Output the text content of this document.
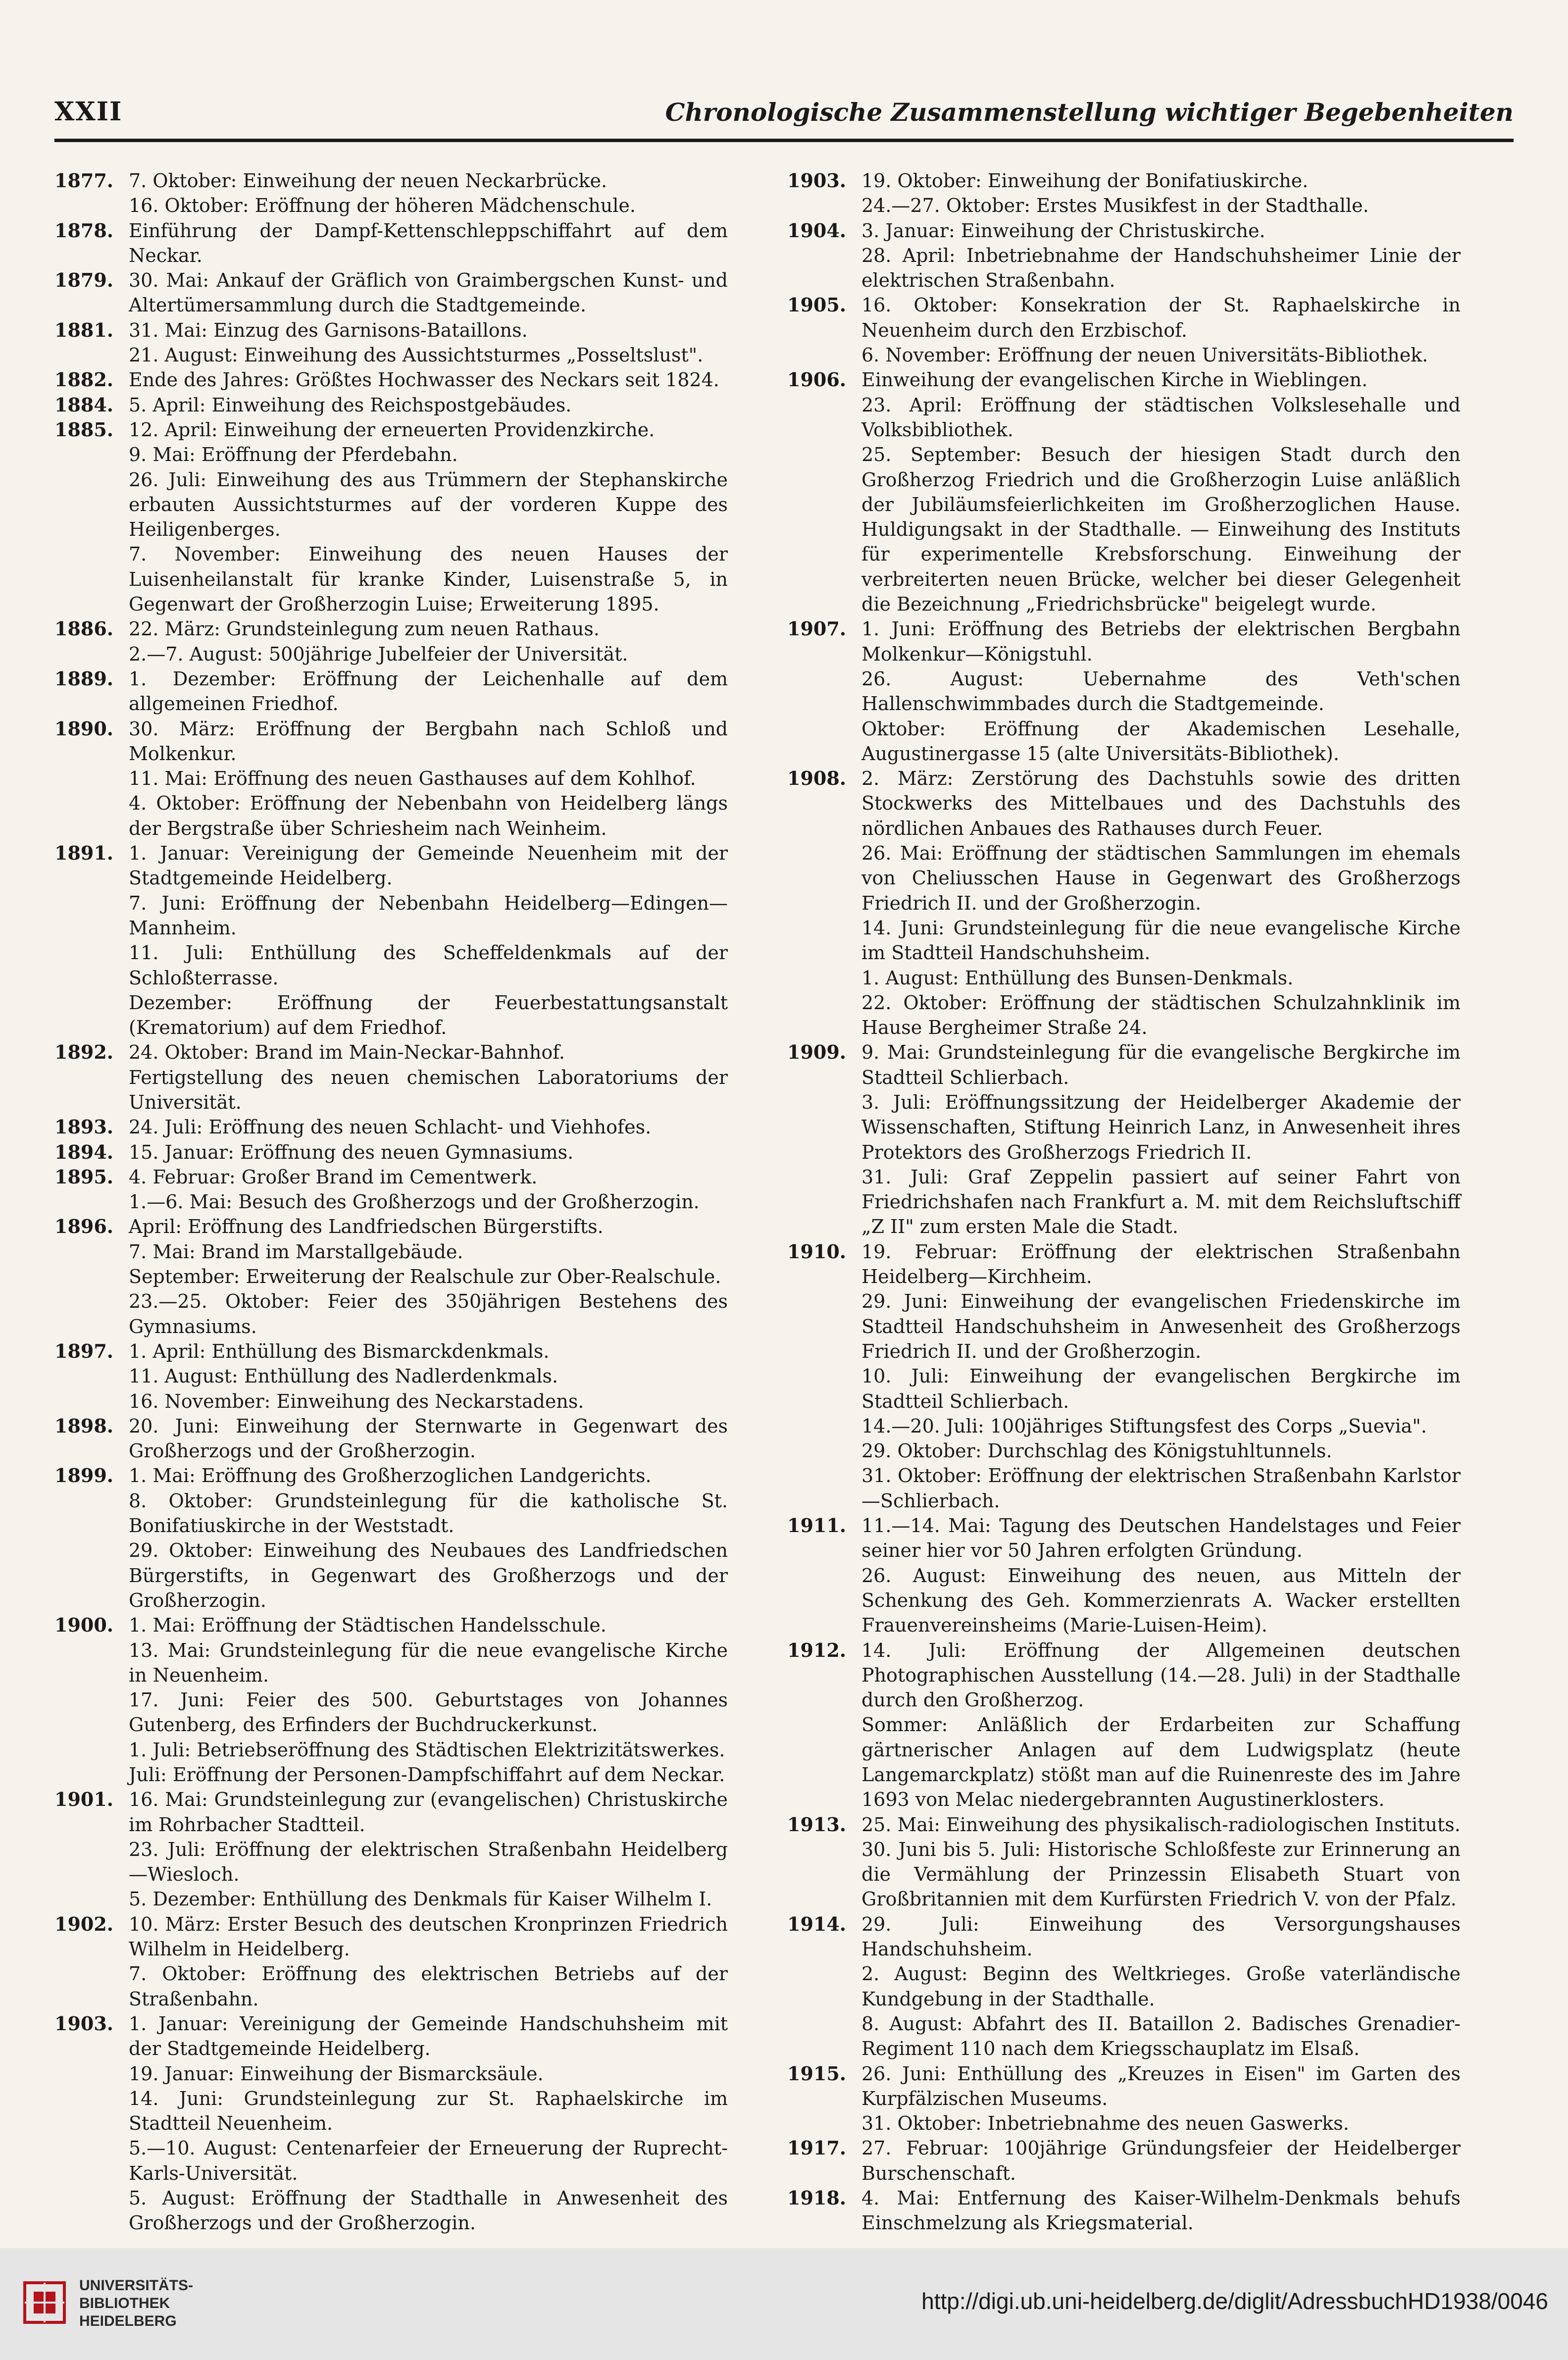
XXII	Chronologische Zusammenstellung wichtiger Begebenheiten
1877. 7. Oktober: Einweihung der neuen Neckarbrücke.
16. Oktober: Eröffnung der höheren Mädchenschule.
1878. Einführung der Dampf-Kettenschleppschiffahrt auf dem Neckar.
1879. 30. Mai: Ankauf der Gräflich von Graimbergschen Kunst- und Altertümersammlung durch die Stadtgemeinde.
1881. 31. Mai: Einzug des Garnisons-Bataillons.
21. August: Einweihung des Aussichtsturmes „Posseltslust".
1882. Ende des Jahres: Größtes Hochwasser des Neckars seit 1824.
1884. 5. April: Einweihung des Reichspostgebäudes.
1885. 12. April: Einweihung der erneuerten Providenzkirche.
9. Mai: Eröffnung der Pferdebahn.
26. Juli: Einweihung des aus Trümmern der Stephanskirche erbauten Aussichtsturmes auf der vorderen Kuppe des Heiligenberges.
7. November: Einweihung des neuen Hauses der Luisenheilanstalt für kranke Kinder, Luisenstraße 5, in Gegenwart der Großherzogin Luise; Erweiterung 1895.
1886. 22. März: Grundsteinlegung zum neuen Rathaus.
2.—7. August: 500jährige Jubelfeier der Universität.
1889. 1. Dezember: Eröffnung der Leichenhalle auf dem allgemeinen Friedhof.
1890. 30. März: Eröffnung der Bergbahn nach Schloß und Molkenkur.
11. Mai: Eröffnung des neuen Gasthauses auf dem Kohlhof.
4. Oktober: Eröffnung der Nebenbahn von Heidelberg längs der Bergstraße über Schriesheim nach Weinheim.
1891. 1. Januar: Vereinigung der Gemeinde Neuenheim mit der Stadtgemeinde Heidelberg.
7. Juni: Eröffnung der Nebenbahn Heidelberg—Edingen—Mannheim.
11. Juli: Enthüllung des Scheffeldenkmals auf der Schloßterrasse.
Dezember: Eröffnung der Feuerbestattungsanstalt (Krematorium) auf dem Friedhof.
1892. 24. Oktober: Brand im Main-Neckar-Bahnhof.
Fertigstellung des neuen chemischen Laboratoriums der Universität.
1893. 24. Juli: Eröffnung des neuen Schlacht- und Viehhofes.
1894. 15. Januar: Eröffnung des neuen Gymnasiums.
1895. 4. Februar: Großer Brand im Cementwerk.
1.—6. Mai: Besuch des Großherzogs und der Großherzogin.
1896. April: Eröffnung des Landfriedschen Bürgerstifts.
7. Mai: Brand im Marstallgebäude.
September: Erweiterung der Realschule zur Ober-Realschule.
23.—25. Oktober: Feier des 350jährigen Bestehens des Gymnasiums.
1897. 1. April: Enthüllung des Bismarckdenkmals.
11. August: Enthüllung des Nadlerdenkmals.
16. November: Einweihung des Neckarstadens.
1898. 20. Juni: Einweihung der Sternwarte in Gegenwart des Großherzogs und der Großherzogin.
1899. 1. Mai: Eröffnung des Großherzoglichen Landgerichts.
8. Oktober: Grundsteinlegung für die katholische St. Bonifatiuskirche in der Weststadt.
29. Oktober: Einweihung des Neubaues des Landfriedschen Bürgerstifts, in Gegenwart des Großherzogs und der Großherzogin.
1900. 1. Mai: Eröffnung der Städtischen Handelsschule.
13. Mai: Grundsteinlegung für die neue evangelische Kirche in Neuenheim.
17. Juni: Feier des 500. Geburtstages von Johannes Gutenberg, des Erfinders der Buchdruckerkunst.
1. Juli: Betriebseröffnung des Städtischen Elektrizitätswerkes.
Juli: Eröffnung der Personen-Dampfschiffahrt auf dem Neckar.
1901. 16. Mai: Grundsteinlegung zur (evangelischen) Christuskirche im Rohrbacher Stadtteil.
23. Juli: Eröffnung der elektrischen Straßenbahn Heidelberg—Wiesloch.
5. Dezember: Enthüllung des Denkmals für Kaiser Wilhelm I.
1902. 10. März: Erster Besuch des deutschen Kronprinzen Friedrich Wilhelm in Heidelberg.
7. Oktober: Eröffnung des elektrischen Betriebs auf der Straßenbahn.
1903. 1. Januar: Vereinigung der Gemeinde Handschuhsheim mit der Stadtgemeinde Heidelberg.
19. Januar: Einweihung der Bismarcksäule.
14. Juni: Grundsteinlegung zur St. Raphaelskirche im Stadtteil Neuenheim.
5.—10. August: Centenarfeier der Erneuerung der Ruprecht-Karls-Universität.
5. August: Eröffnung der Stadthalle in Anwesenheit des Großherzogs und der Großherzogin.
1903. 19. Oktober: Einweihung der Bonifatiuskirche.
24.—27. Oktober: Erstes Musikfest in der Stadthalle.
1904. 3. Januar: Einweihung der Christuskirche.
28. April: Inbetriebnahme der Handschuhsheimer Linie der elektrischen Straßenbahn.
1905. 16. Oktober: Konsekration der St. Raphaelskirche in Neuenheim durch den Erzbischof.
6. November: Eröffnung der neuen Universitäts-Bibliothek.
1906. Einweihung der evangelischen Kirche in Wieblingen.
23. April: Eröffnung der städtischen Volkslesehalle und Volksbibliothek.
25. September: Besuch der hiesigen Stadt durch den Großherzog Friedrich und die Großherzogin Luise anläßlich der Jubiläumsfeierlichkeiten im Großherzoglichen Hause. Huldigungsakt in der Stadthalle. — Einweihung des Instituts für experimentelle Krebsforschung. Einweihung der verbreiterten neuen Brücke, welcher bei dieser Gelegenheit die Bezeichnung „Friedrichsbrücke" beigelegt wurde.
1907. 1. Juni: Eröffnung des Betriebs der elektrischen Bergbahn Molkenkur—Königstuhl.
26. August: Uebernahme des Veth'schen Hallenschwimmbades durch die Stadtgemeinde.
Oktober: Eröffnung der Akademischen Lesehalle, Augustinergasse 15 (alte Universitäts-Bibliothek).
1908. 2. März: Zerstörung des Dachstuhls sowie des dritten Stockwerks des Mittelbaues und des Dachstuhls des nördlichen Anbaues des Rathauses durch Feuer.
26. Mai: Eröffnung der städtischen Sammlungen im ehemals von Cheliusschen Hause in Gegenwart des Großherzogs Friedrich II. und der Großherzogin.
14. Juni: Grundsteinlegung für die neue evangelische Kirche im Stadtteil Handschuhsheim.
1. August: Enthüllung des Bunsen-Denkmals.
22. Oktober: Eröffnung der städtischen Schulzahnklinik im Hause Bergheimer Straße 24.
1909. 9. Mai: Grundsteinlegung für die evangelische Bergkirche im Stadtteil Schlierbach.
3. Juli: Eröffnungssitzung der Heidelberger Akademie der Wissenschaften, Stiftung Heinrich Lanz, in Anwesenheit ihres Protektors des Großherzogs Friedrich II.
31. Juli: Graf Zeppelin passiert auf seiner Fahrt von Friedrichshafen nach Frankfurt a. M. mit dem Reichsluftschiff „Z II" zum ersten Male die Stadt.
1910. 19. Februar: Eröffnung der elektrischen Straßenbahn Heidelberg—Kirchheim.
29. Juni: Einweihung der evangelischen Friedenskirche im Stadtteil Handschuhsheim in Anwesenheit des Großherzogs Friedrich II. und der Großherzogin.
10. Juli: Einweihung der evangelischen Bergkirche im Stadtteil Schlierbach.
14.—20. Juli: 100jähriges Stiftungsfest des Corps „Suevia".
29. Oktober: Durchschlag des Königstuhltunnels.
31. Oktober: Eröffnung der elektrischen Straßenbahn Karlstor—Schlierbach.
1911. 11.—14. Mai: Tagung des Deutschen Handelstages und Feier seiner hier vor 50 Jahren erfolgten Gründung.
26. August: Einweihung des neuen, aus Mitteln der Schenkung des Geh. Kommerzienrats A. Wacker erstellten Frauenvereinsheims (Marie-Luisen-Heim).
1912. 14. Juli: Eröffnung der Allgemeinen deutschen Photographischen Ausstellung (14.—28. Juli) in der Stadthalle durch den Großherzog.
Sommer: Anläßlich der Erdarbeiten zur Schaffung gärtnerischer Anlagen auf dem Ludwigsplatz (heute Langemarckplatz) stößt man auf die Ruinenreste des im Jahre 1693 von Melac niedergebrannten Augustinerklosters.
1913. 25. Mai: Einweihung des physikalisch-radiologischen Instituts.
30. Juni bis 5. Juli: Historische Schloßfeste zur Erinnerung an die Vermählung der Prinzessin Elisabeth Stuart von Großbritannien mit dem Kurfürsten Friedrich V. von der Pfalz.
1914. 29. Juli: Einweihung des Versorgungshauses Handschuhsheim.
2. August: Beginn des Weltkrieges. Große vaterländische Kundgebung in der Stadthalle.
8. August: Abfahrt des II. Bataillon 2. Badisches Grenadier-Regiment 110 nach dem Kriegsschauplatz im Elsaß.
1915. 26. Juni: Enthüllung des „Kreuzes in Eisen" im Garten des Kurpfälzischen Museums.
31. Oktober: Inbetriebnahme des neuen Gaswerks.
1917. 27. Februar: 100jährige Gründungsfeier der Heidelberger Burschenschaft.
1918. 4. Mai: Entfernung des Kaiser-Wilhelm-Denkmals behufs Einschmelzung als Kriegsmaterial.
UNIVERSITÄTS-
BIBLIOTHEK
HEIDELBERG
http://digi.ub.uni-heidelberg.de/diglit/AdressbuchHD1938/0046
